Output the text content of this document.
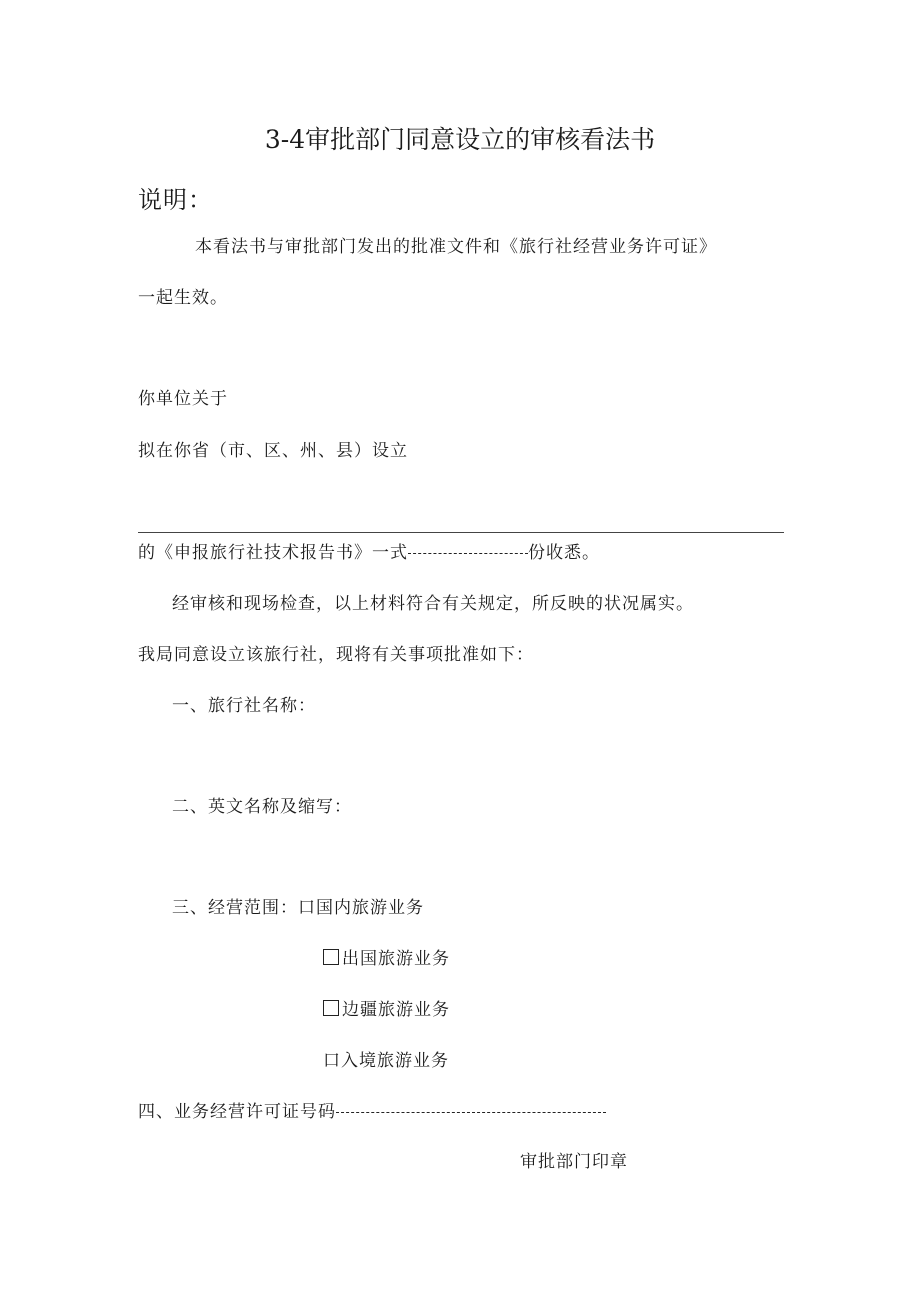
3-4审批部门同意设立的审核看法书
说明：
本看法书与审批部门发出的批准文件和《旅行社经营业务许可证》
一起生效。
你单位关于
拟在你省（市、区、州、县）设立
的《申报旅行社技术报告书》一式	份收悉。
经审核和现场检查，以上材料符合有关规定，所反映的状况属实。
我局同意设立该旅行社，现将有关事项批准如下：
一、旅行社名称：
二、英文名称及缩写：
三、经营范围：口国内旅游业务
出国旅游业务
边疆旅游业务
口入境旅游业务
四、业务经营许可证号码
审批部门印章
